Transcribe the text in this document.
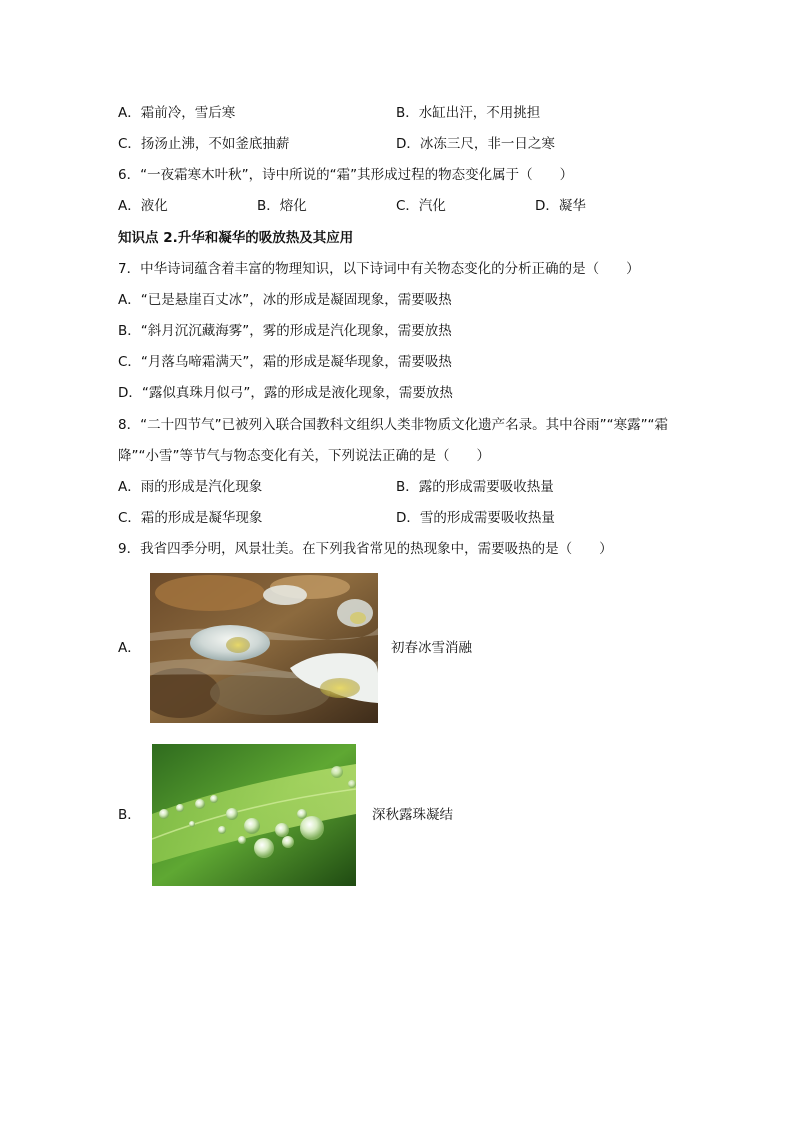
A．霜前冷，雪后寒	B．水缸出汗，不用挑担
C．扬汤止沸，不如釜底抽薪	D．冰冻三尺，非一日之寒
6．“一夜霜寒木叶秋”，诗中所说的“霜”其形成过程的物态变化属于（　　）
A．液化	B．熔化	C．汽化	D．凝华
知识点 2.升华和凝华的吸放热及其应用
7．中华诗词蕴含着丰富的物理知识，以下诗词中有关物态变化的分析正确的是（　　）
A．“已是悬崖百丈冰”，冰的形成是凝固现象，需要吸热
B．“斜月沉沉藏海雾”，雾的形成是汽化现象，需要放热
C．“月落乌啼霜满天”，霜的形成是凝华现象，需要吸热
D．“露似真珠月似弓”，露的形成是液化现象，需要放热
8．“二十四节气”已被列入联合国教科文组织人类非物质文化遗产名录。其中谷雨”“寒露”“霜
降”“小雪”等节气与物态变化有关，下列说法正确的是（　　）
A．雨的形成是汽化现象	B．露的形成需要吸收热量
C．霜的形成是凝华现象	D．雪的形成需要吸收热量
9．我省四季分明，风景壮美。在下列我省常见的热现象中，需要吸热的是（　　）
A．	初春冰雪消融
B．	深秋露珠凝结
